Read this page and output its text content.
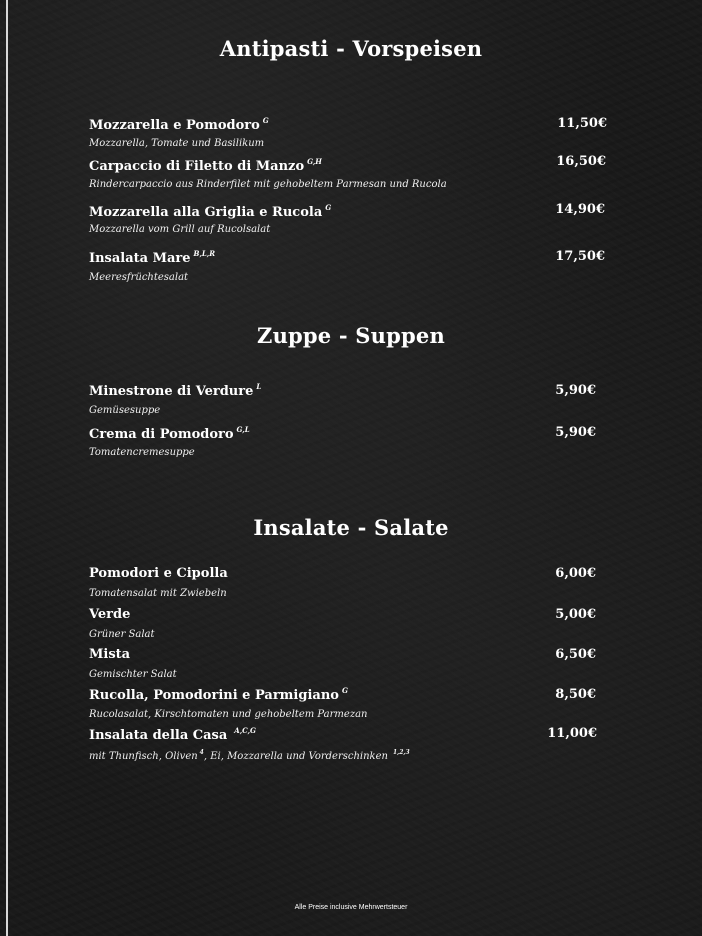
Antipasti - Vorspeisen
Mozzarella e Pomodoro $^G$
Mozzarella, Tomate und Basilikum
11,50€
Carpaccio di Filetto di Manzo $^{G,H}$
Rindercarpaccio aus Rinderfilet mit gehobeltem Parmesan und Rucola
16,50€
Mozzarella alla Griglia e Rucola $^G$
Mozzarella vom Grill auf Rucolsalat
14,90€
Insalata Mare $^{B,L,R}$
Meeresfrüchtesalat
17,50€
Zuppe - Suppen
Minestrone di Verdure $^L$
Gemüsesuppe
5,90€
Crema di Pomodoro $^{G,L}$
Tomatencremesuppe
5,90€
Insalate - Salate
Pomodori e Cipolla
Tomatensalat mit Zwiebeln
6,00€
Verde
Grüner Salat
5,00€
Mista
Gemischter Salat
6,50€
Rucolla, Pomodorini e Parmigiano $^G$
Rucolasalat, Kirschtomaten und gehobeltem Parmezan
8,50€
Insalata della Casa $^{A,C,G}$
mit Thunfisch, Oliven $^4$, Ei, Mozzarella und Vorderschinken $^{1,2,3}$
11,00€
Alle Preise inclusive Mehrwertsteuer
